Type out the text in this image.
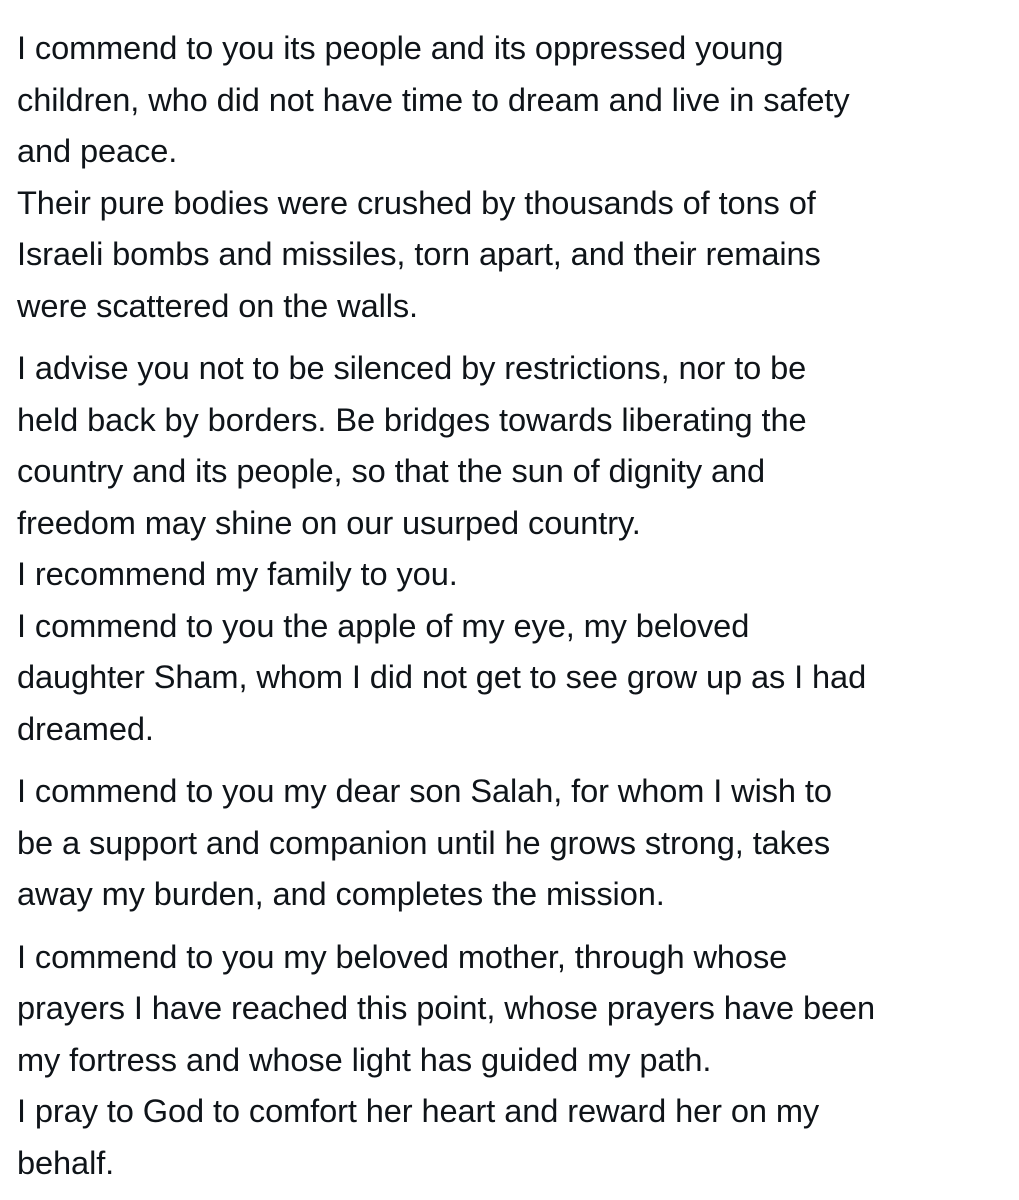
I commend to you its people and its oppressed young
children, who did not have time to dream and live in safety
and peace.
Their pure bodies were crushed by thousands of tons of
Israeli bombs and missiles, torn apart, and their remains
were scattered on the walls.
I advise you not to be silenced by restrictions, nor to be
held back by borders. Be bridges towards liberating the
country and its people, so that the sun of dignity and
freedom may shine on our usurped country.
I recommend my family to you.
I commend to you the apple of my eye, my beloved
daughter Sham, whom I did not get to see grow up as I had
dreamed.
I commend to you my dear son Salah, for whom I wish to
be a support and companion until he grows strong, takes
away my burden, and completes the mission.
I commend to you my beloved mother, through whose
prayers I have reached this point, whose prayers have been
my fortress and whose light has guided my path.
I pray to God to comfort her heart and reward her on my
behalf.
